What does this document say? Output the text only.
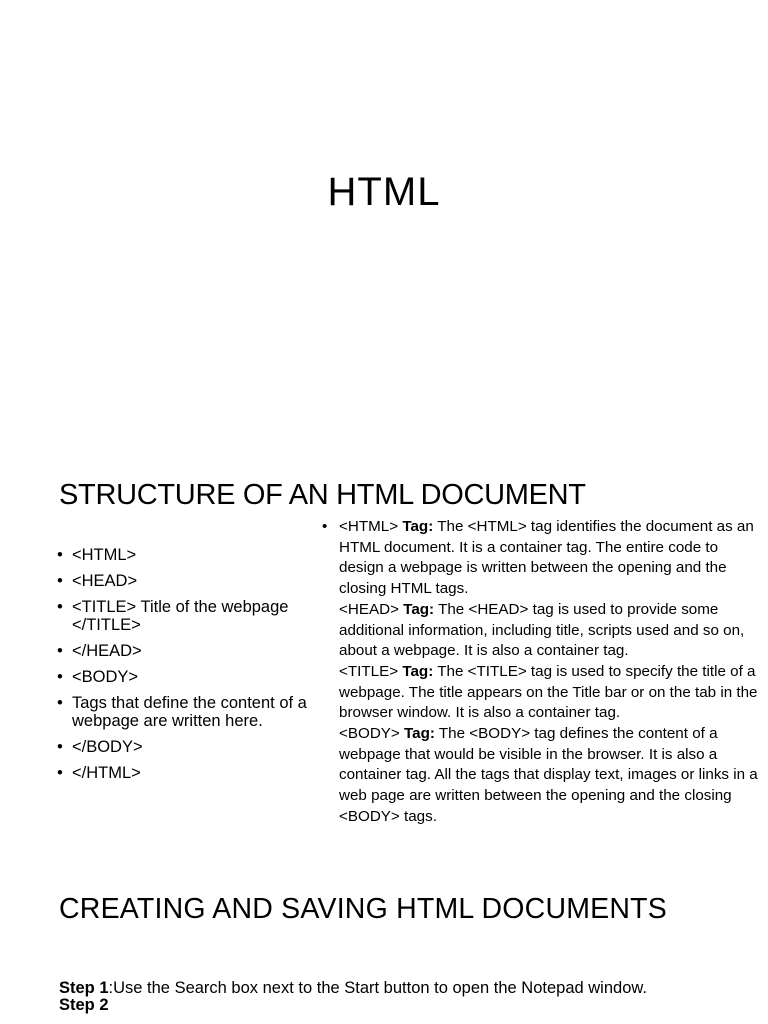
HTML
STRUCTURE OF AN HTML DOCUMENT
• <HTML>
• <HEAD>
• <TITLE> Title of the webpage </TITLE>
• </HEAD>
• <BODY>
• Tags that define the content of a webpage are written here.
• </BODY>
• </HTML>
• <HTML> Tag: The <HTML> tag identifies the document as an HTML document. It is a container tag. The entire code to design a webpage is written between the opening and the closing HTML tags.
<HEAD> Tag: The <HEAD> tag is used to provide some additional information, including title, scripts used and so on, about a webpage. It is also a container tag.
<TITLE> Tag: The <TITLE> tag is used to specify the title of a webpage. The title appears on the Title bar or on the tab in the browser window. It is also a container tag.
<BODY> Tag: The <BODY> tag defines the content of a webpage that would be visible in the browser. It is also a container tag. All the tags that display text, images or links in a web page are written between the opening and the closing <BODY> tags.
CREATING AND SAVING HTML DOCUMENTS
Step 1:Use the Search box next to the Start button to open the Notepad window.
Step 2
